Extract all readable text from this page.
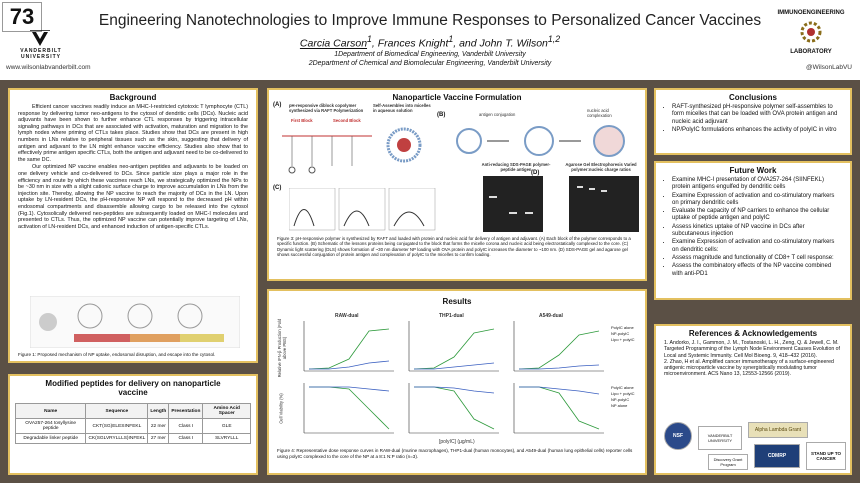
73
VANDERBILT UNIVERSITY
www.wilsonlabvanderbilt.com
Engineering Nanotechnologies to Improve Immune Responses to Personalized Cancer Vaccines
Carcia Carson$^1$, Frances Knight$^1$, and John T. Wilson$^{1,2}$
1Department of Biomedical Engineering, Vanderbilt University
2Department of Chemical and Biomolecular Engineering, Vanderbilt University
IMMUNOENGINEERING
LABORATORY
@WilsonLabVU
Background

Efficient cancer vaccines readily induce an MHC-I-restricted cytotoxic T lymphocyte (CTL) response by delivering tumor neo-antigens to the cytosol of dendritic cells (DCs). Nucleic acid adjuvants have been shown to further enhance CTL responses by triggering intracellular signaling pathways in DCs that are associated with activation, maturation and migration to the lymph nodes where priming of CTLs takes place. Studies show that DCs are present in high numbers in LNs relative to peripheral tissues such as the skin, suggesting that delivery of antigen and adjuvant to the LN might enhance vaccine efficiency. Studies also show that to effectively prime antigen specific CTLs, both the antigen and adjuvant need to be co-delivered to the same DC.

Our optimized NP vaccine enables neo-antigen peptides and adjuvants to be loaded on one delivery vehicle and co-delivered to DCs. Since particle size plays a major role in the efficiency and route by which these vaccines reach LNs, we strategically optimized the NPs to be ~30 nm in size with a slight cationic surface charge to improve accumulation in LNs from the injection site. Thereby, allowing the NP vaccine to reach the majority of DCs in the LN. Upon uptake by LN-resident DCs, the pH-responsive NP will respond to the decreased pH within endosomal compartments and disassemble allowing cargo to be released into the cytosol (Fig.1). Cytosolically delivered neo-peptides are subsequently loaded on MHC-I molecules and presented to CTLs. Thus, the optimized NP vaccine can potentially improve targeting of LNs, activation of LN-resident DCs, and enhanced induction of antigen-specific CTLs.

Figure 1: Proposed mechanism of NP uptake, endosomal disruption, and escape into the cytosol.
Modified peptides for delivery on nanoparticle vaccine
Name	Sequence	Length	Presentation	Amino Acid Spacer
OVA257-264 tosyllysine peptide	CKT(SG)ELESINFEKL	22 mer	Class I	GLE
Degradable linker peptide	CK(SGLVRYLLLS)INFEKL	27 mer	Class I	SLVRYLLL
Nanoparticle Vaccine Formulation
(A) pH-responsive diblock copolymer synthesized via RAFT Polymerization
First Block	Second Block
Self-Assembles into micelles in aqueous solution
(B)	antigen conjugation
nucleic acid complexation
(C)
(D)
Anti-reducing SDS-PAGE polymer-peptide antigen
Agarose Gel Electrophoresis Varied polymer:nucleic charge ratios
Figure 3: pH-responsive polymer is synthesized by RAFT and loaded with protein and nucleic acid for delivery of antigen and adjuvant. (A) Each block of the polymer corresponds to a specific function. (B) Schematic of the lessons proteins being conjugated to the block that forms the micelle corona and nucleic acid being electrostatically complexed to the core. (C) Dynamic light scattering (DLS) shows formation of ~30 nm diameter NP loading with OVA protein and polyIC increases the diameter to ~100 nm. (D) SDS-PAGE gel and agarose gel shows successful conjugation of protein antigen and complexation of polyIC to the micelles to confirm loading.
Results
RAW-dual	THP1-dual	A549-dual
Relative IFN-β Production (Fold above PBS)
Cell Viability (%)
PolyIC alone
NP-polyIC
Lipo + polyIC
PolyIC alone
Lipo + polyIC
NP-polyIC
NP alone
[polyIC] (µg/mL)
Figure 4: Representative dose response curves in RAW-dual (murine macrophages), THP1-dual (human monocytes), and A549-dual (human lung epithelial cells) reporter cells using polyIC complexed to the core of the NP at a 8:1 N:P ratio (n=3).
Conclusions
• RAFT-synthesized pH-responsive polymer self-assembles to form micelles that can be loaded with OVA protein antigen and nucleic acid adjuvant
• NP/PolyIC formulations enhances the activity of polyIC in vitro
Future Work
• Examine MHC-I presentation of OVA257-264 (SIINFEKL) protein antigens engulfed by dendritic cells
• Examine Expression of activation and co-stimulatory markers on primary dendritic cells
• Evaluate the capacity of NP carriers to enhance the cellular uptake of peptide antigen and polyIC
• Assess kinetics uptake of NP vaccine in DCs after subcutaneous injection
• Examine Expression of activation and co-stimulatory markers on dendritic cells:
• Assess magnitude and functionality of CD8+ T cell response:
• Assess the combinatory effects of the NP vaccine combined with anti-PD1
References & Acknowledgements
1. Andorko, J. I., Gammon, J. M., Tostanoski, L. H., Zeng, Q. & Jewell, C. M. Targeted Programming of the Lymph Node Environment Causes Evolution of Local and Systemic Immunity. Cell Mol Bioeng. 9, 418–432 (2016).
2. Zhao, H et al. Amplified cancer immunotherapy of a surface-engineered antigenic microparticle vaccine by synergistically modulating tumor microenvironment. ACS Nano 13, 12553-12566 (2019).
NSF	VANDERBILT UNIVERSITY
Alpha Lambda Grant
Discovery Grant Program
CDMRP	STAND UP TO CANCER
